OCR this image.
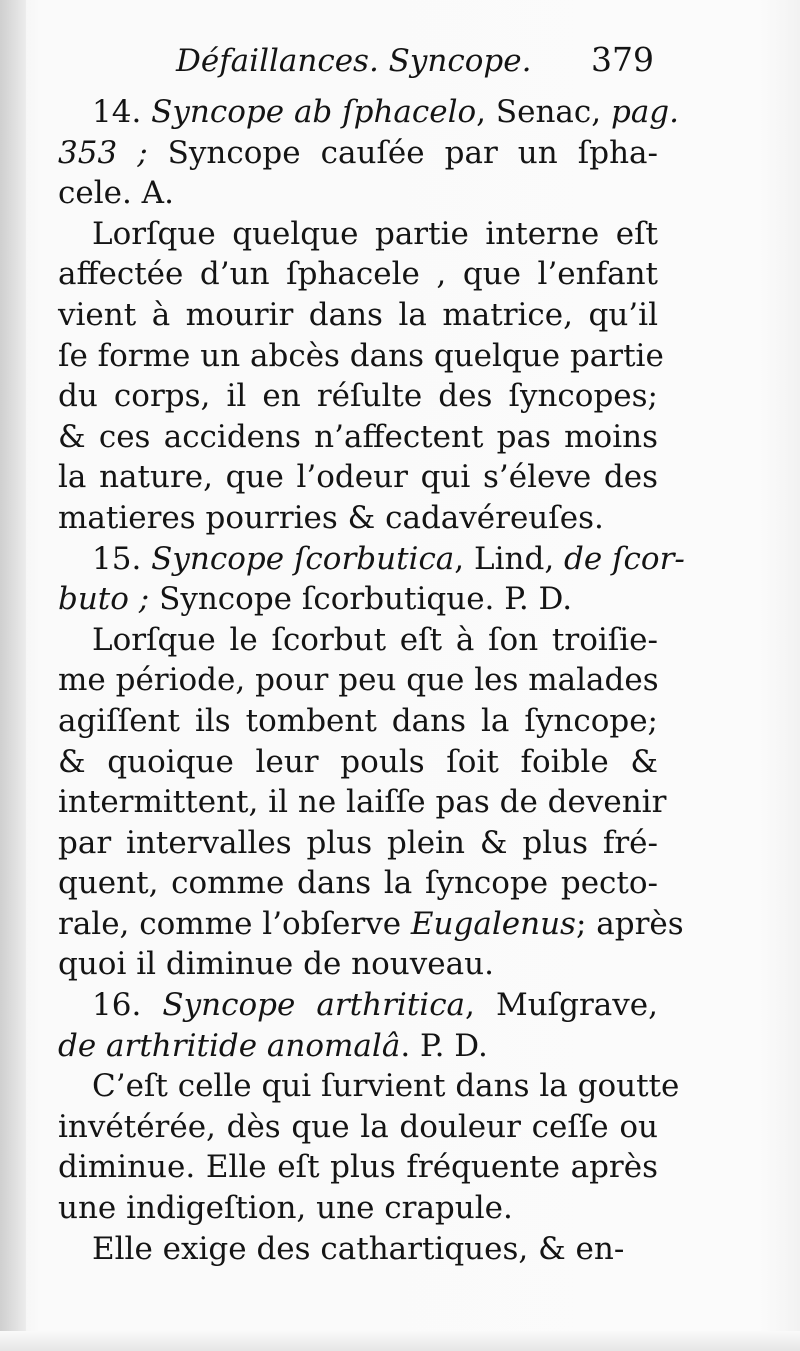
Défaillances. Syncope. 379
14. Syncope ab ſphacelo, Senac, pag.
353 ; Syncope cauſée par un ſpha-
cele. A.
Lorſque quelque partie interne eſt
affectée d’un ſphacele , que l’enfant
vient à mourir dans la matrice, qu’il
ſe forme un abcès dans quelque partie
du corps, il en réſulte des ſyncopes;
& ces accidens n’affectent pas moins
la nature, que l’odeur qui s’éleve des
matieres pourries & cadavéreuſes.
15. Syncope ſcorbutica, Lind, de ſcor-
buto ; Syncope ſcorbutique. P. D.
Lorſque le ſcorbut eſt à ſon troiſie-
me période, pour peu que les malades
agiſſent ils tombent dans la ſyncope;
& quoique leur pouls ſoit foible &
intermittent, il ne laiſſe pas de devenir
par intervalles plus plein & plus fré-
quent, comme dans la ſyncope pecto-
rale, comme l’obſerve Eugalenus; après
quoi il diminue de nouveau.
16. Syncope arthritica, Muſgrave,
de arthritide anomalâ. P. D.
C’eſt celle qui ſurvient dans la goutte
invétérée, dès que la douleur ceſſe ou
diminue. Elle eſt plus fréquente après
une indigeſtion, une crapule.
Elle exige des cathartiques, & en-
